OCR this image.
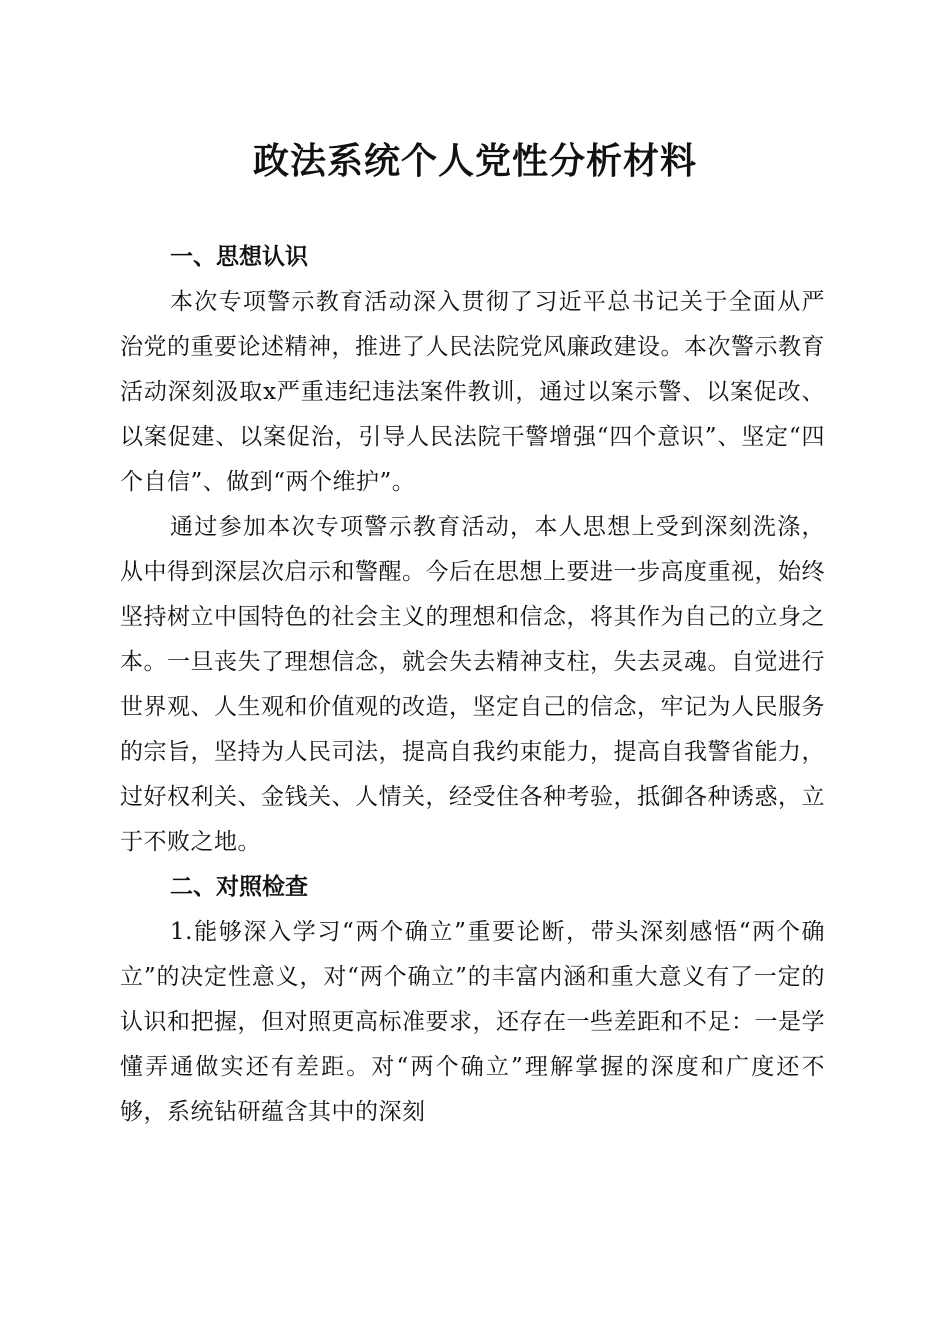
政法系统个人党性分析材料
一、思想认识

本次专项警示教育活动深入贯彻了习近平总书记关于全面从严治党的重要论述精神，推进了人民法院党风廉政建设。本次警示教育活动深刻汲取x严重违纪违法案件教训，通过以案示警、以案促改、以案促建、以案促治，引导人民法院干警增强“四个意识”、坚定“四个自信”、做到“两个维护”。

通过参加本次专项警示教育活动，本人思想上受到深刻洗涤，从中得到深层次启示和警醒。今后在思想上要进一步高度重视，始终坚持树立中国特色的社会主义的理想和信念，将其作为自己的立身之本。一旦丧失了理想信念，就会失去精神支柱，失去灵魂。自觉进行世界观、人生观和价值观的改造，坚定自己的信念，牢记为人民服务的宗旨，坚持为人民司法，提高自我约束能力，提高自我警省能力，过好权利关、金钱关、人情关，经受住各种考验，抵御各种诱惑，立于不败之地。

二、对照检查

1.能够深入学习“两个确立”重要论断，带头深刻感悟“两个确立”的决定性意义，对“两个确立”的丰富内涵和重大意义有了一定的认识和把握，但对照更高标准要求，还存在一些差距和不足：一是学懂弄通做实还有差距。对“两个确立”理解掌握的深度和广度还不够，系统钻研蕴含其中的深刻
